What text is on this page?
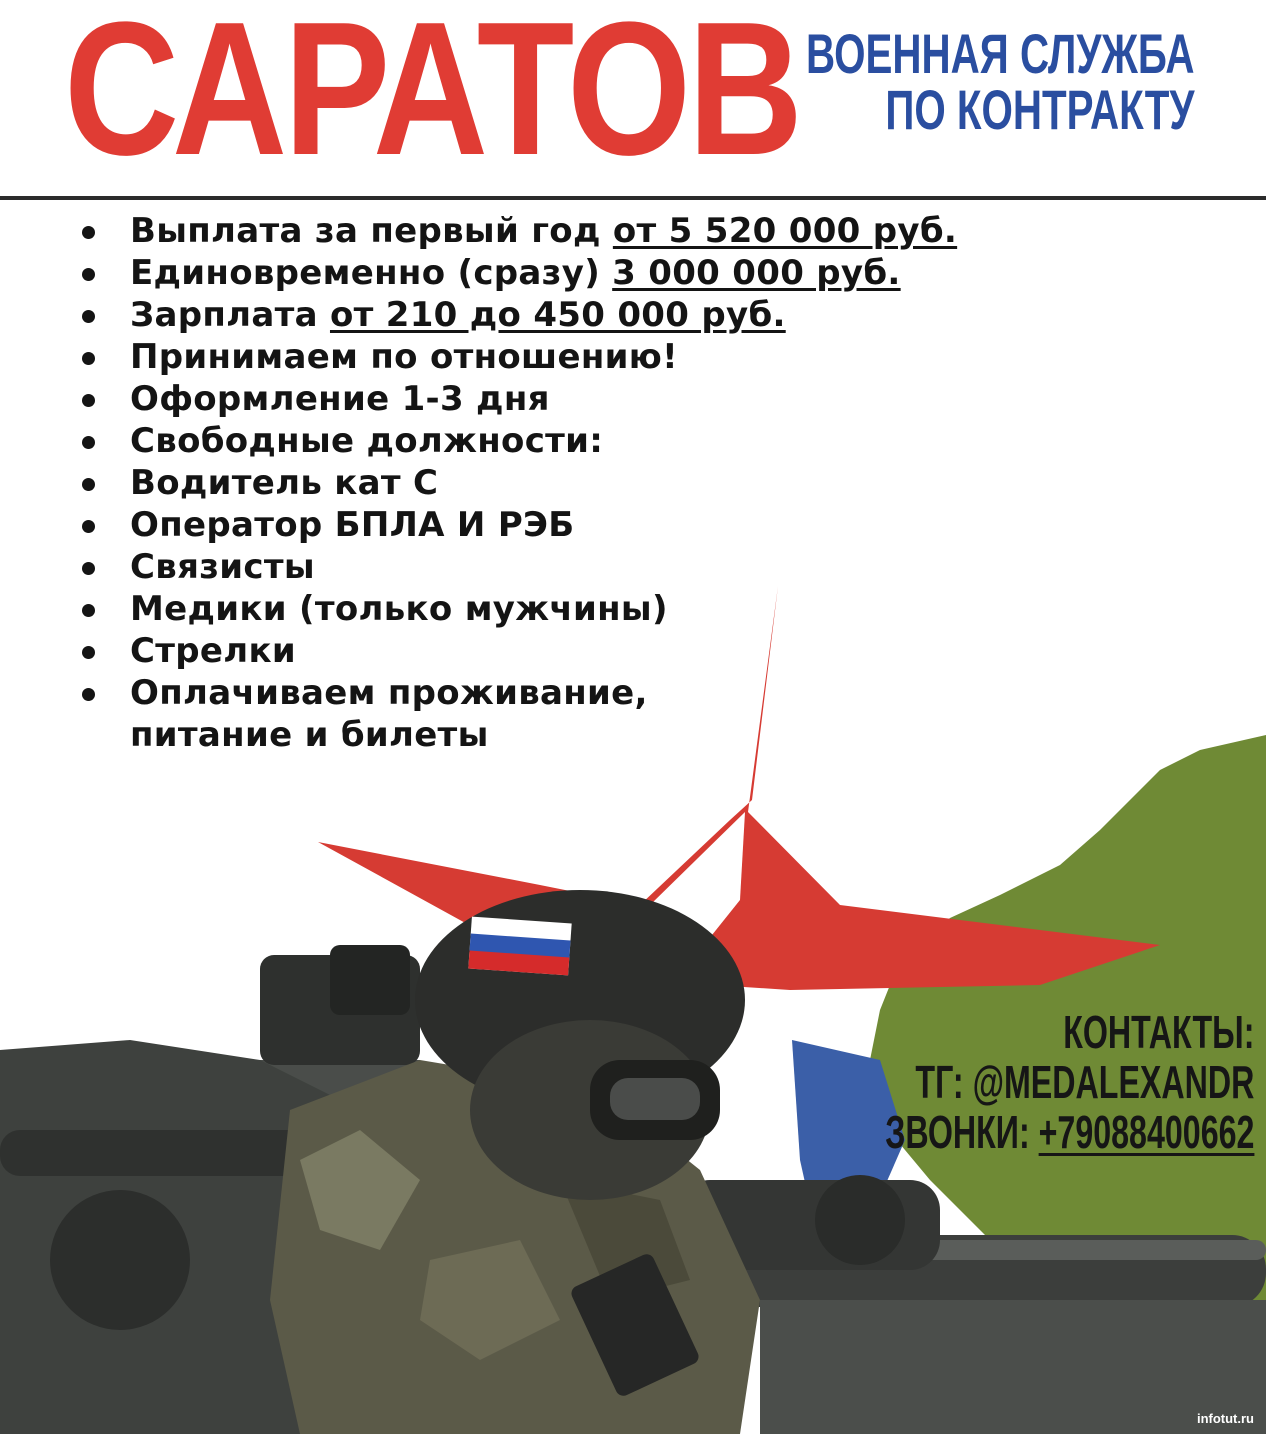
САРАТОВ ВОЕННАЯ СЛУЖБА
ПО КОНТРАКТУ
Выплата за первый год от 5 520 000 руб.
Единовременно (сразу) 3 000 000 руб.
Зарплата от 210 до 450 000 руб.
Принимаем по отношению!
Оформление 1-3 дня
Свободные должности:
Водитель кат С
Оператор БПЛА И РЭБ
Связисты
Медики (только мужчины)
Стрелки
Оплачиваем проживание,
питание и билеты
КОНТАКТЫ:
ТГ: @MEDALEXANDR
ЗВОНКИ: +79088400662
infotut.ru
